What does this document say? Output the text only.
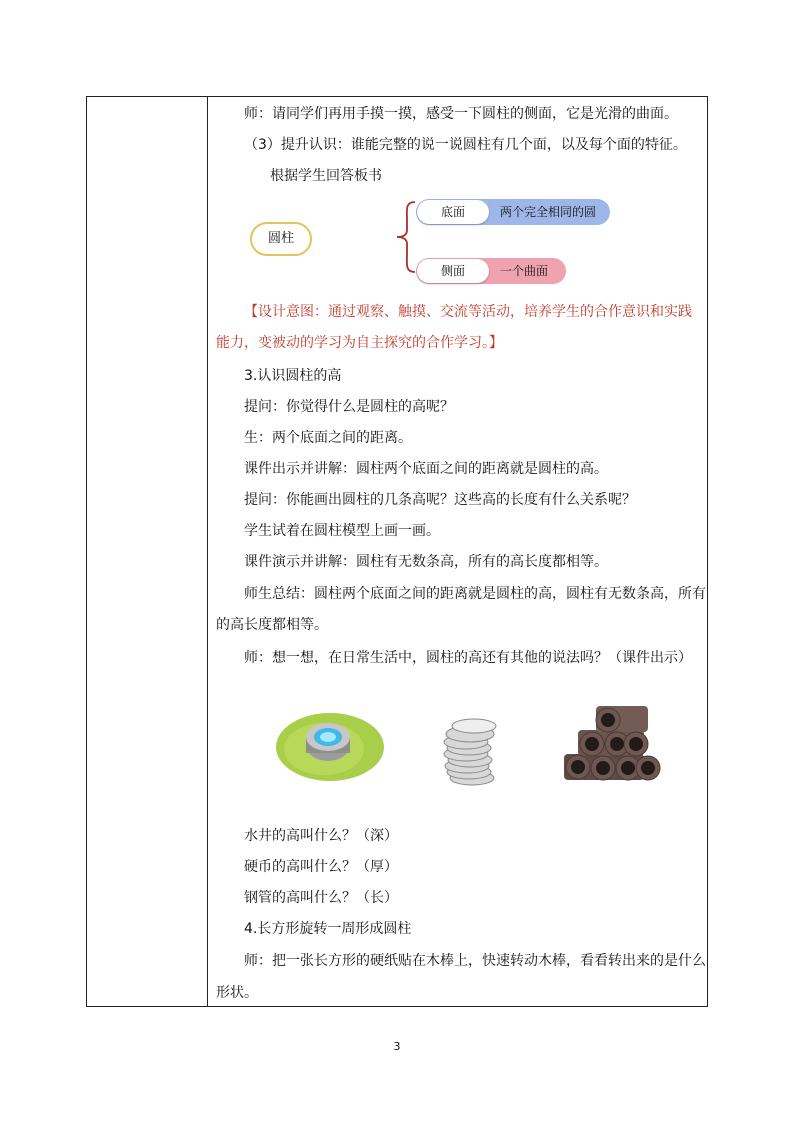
师：请同学们再用手摸一摸，感受一下圆柱的侧面，它是光滑的曲面。
（3）提升认识：谁能完整的说一说圆柱有几个面，以及每个面的特征。
根据学生回答板书
圆柱
底面	两个完全相同的圆
侧面	一个曲面
【设计意图：通过观察、触摸、交流等活动，培养学生的合作意识和实践
能力，变被动的学习为自主探究的合作学习。】
3.认识圆柱的高
提问：你觉得什么是圆柱的高呢？
生：两个底面之间的距离。
课件出示并讲解：圆柱两个底面之间的距离就是圆柱的高。
提问：你能画出圆柱的几条高呢？这些高的长度有什么关系呢？
学生试着在圆柱模型上画一画。
课件演示并讲解：圆柱有无数条高，所有的高长度都相等。
师生总结：圆柱两个底面之间的距离就是圆柱的高，圆柱有无数条高，所有
的高长度都相等。
师：想一想，在日常生活中，圆柱的高还有其他的说法吗？（课件出示）
水井的高叫什么？（深）
硬币的高叫什么？（厚）
钢管的高叫什么？（长）
4.长方形旋转一周形成圆柱
师：把一张长方形的硬纸贴在木棒上，快速转动木棒，看看转出来的是什么
形状。
3
